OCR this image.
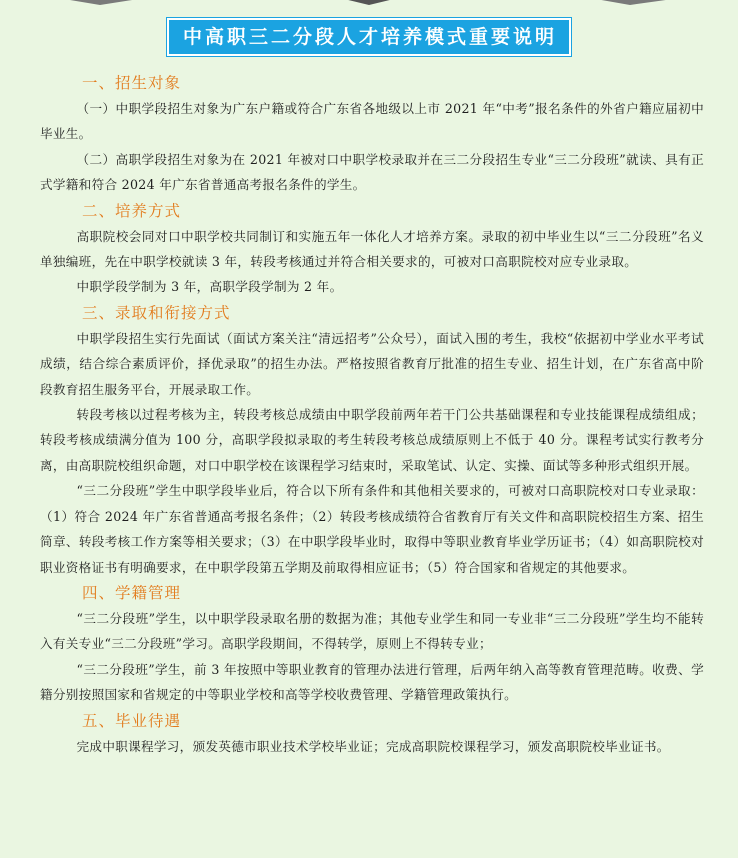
中高职三二分段人才培养模式重要说明
一、招生对象

（一）中职学段招生对象为广东户籍或符合广东省各地级以上市 2021 年“中考”报名条件的外省户籍应届初中毕业生。

（二）高职学段招生对象为在 2021 年被对口中职学校录取并在三二分段招生专业“三二分段班”就读、具有正式学籍和符合 2024 年广东省普通高考报名条件的学生。

二、培养方式

高职院校会同对口中职学校共同制订和实施五年一体化人才培养方案。录取的初中毕业生以“三二分段班”名义单独编班，先在中职学校就读 3 年，转段考核通过并符合相关要求的，可被对口高职院校对应专业录取。

中职学段学制为 3 年，高职学段学制为 2 年。

三、录取和衔接方式

中职学段招生实行先面试（面试方案关注“清远招考”公众号），面试入围的考生，我校“依据初中学业水平考试成绩，结合综合素质评价，择优录取”的招生办法。严格按照省教育厅批准的招生专业、招生计划，在广东省高中阶段教育招生服务平台，开展录取工作。

转段考核以过程考核为主，转段考核总成绩由中职学段前两年若干门公共基础课程和专业技能课程成绩组成；转段考核成绩满分值为 100 分，高职学段拟录取的考生转段考核总成绩原则上不低于 40 分。课程考试实行教考分离，由高职院校组织命题，对口中职学校在该课程学习结束时，采取笔试、认定、实操、面试等多种形式组织开展。

“三二分段班”学生中职学段毕业后，符合以下所有条件和其他相关要求的，可被对口高职院校对口专业录取：（1）符合 2024 年广东省普通高考报名条件；（2）转段考核成绩符合省教育厅有关文件和高职院校招生方案、招生简章、转段考核工作方案等相关要求；（3）在中职学段毕业时，取得中等职业教育毕业学历证书；（4）如高职院校对职业资格证书有明确要求，在中职学段第五学期及前取得相应证书；（5）符合国家和省规定的其他要求。

四、学籍管理

“三二分段班”学生，以中职学段录取名册的数据为准；其他专业学生和同一专业非“三二分段班”学生均不能转入有关专业“三二分段班”学习。高职学段期间，不得转学，原则上不得转专业；

“三二分段班”学生，前 3 年按照中等职业教育的管理办法进行管理，后两年纳入高等教育管理范畴。收费、学籍分别按照国家和省规定的中等职业学校和高等学校收费管理、学籍管理政策执行。

五、毕业待遇

完成中职课程学习，颁发英德市职业技术学校毕业证；完成高职院校课程学习，颁发高职院校毕业证书。
